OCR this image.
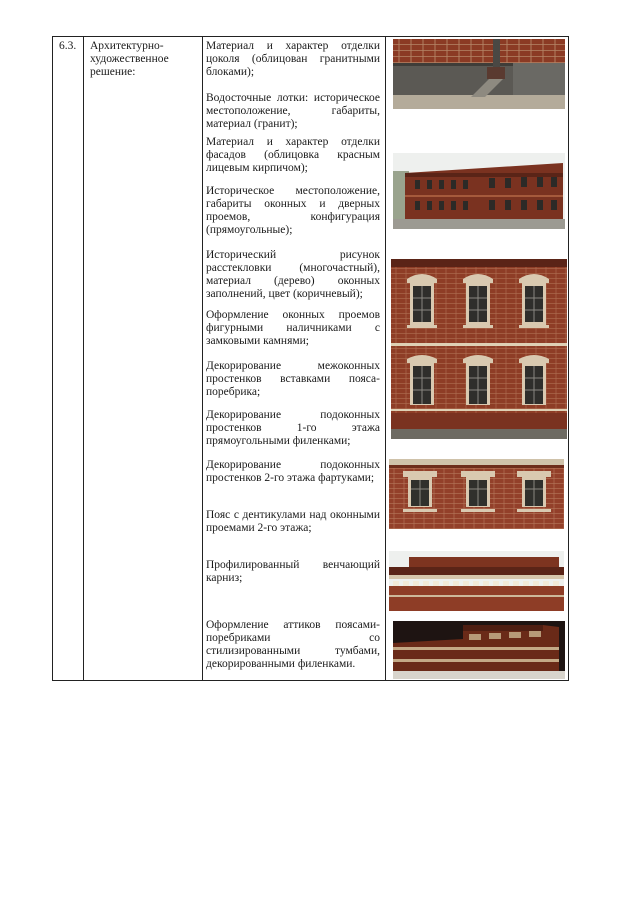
6.3. Архитектурно-художественное решение:
Материал и характер отделки цоколя (облицован гранитными блоками);
Водосточные лотки: историческое местоположение, габариты, материал (гранит);
Материал и характер отделки фасадов (облицовка красным лицевым кирпичом);
Историческое местоположение, габариты оконных и дверных проемов, конфигурация (прямоугольные);
Исторический рисунок расстекловки (многочастный), материал (дерево) оконных заполнений, цвет (коричневый);
Оформление оконных проемов фигурными наличниками с замковыми камнями;
Декорирование межоконных простенков вставками пояса-поребрика;
Декорирование подоконных простенков 1-го этажа прямоугольными филенками;
Декорирование подоконных простенков 2-го этажа фартуками;
Пояс с дентикулами над оконными проемами 2-го этажа;
Профилированный венчающий карниз;
Оформление аттиков поясами-поребриками со стилизированными тумбами, декорированными филенками.
